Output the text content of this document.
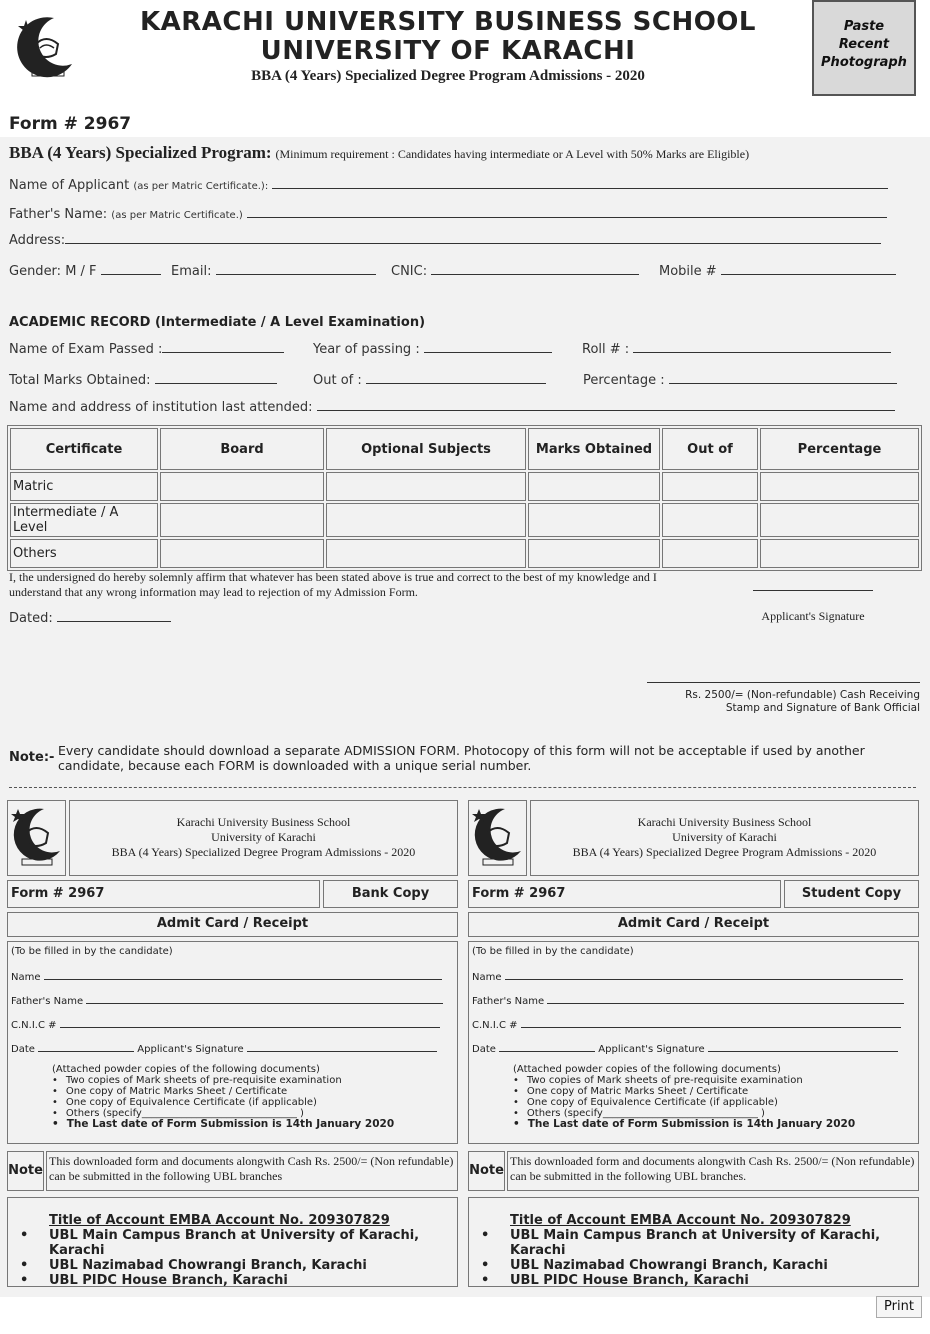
KARACHI UNIVERSITY BUSINESS SCHOOL
UNIVERSITY OF KARACHI
BBA (4 Years) Specialized Degree Program Admissions - 2020
Paste
Recent
Photograph
Form # 2967
BBA (4 Years) Specialized Program: (Minimum requirement : Candidates having intermediate or A Level with 50% Marks are Eligible)
Name of Applicant (as per Matric Certificate.):
Father's Name: (as per Matric Certificate.)
Address:
Gender: M / F	Email:	CNIC:	Mobile #
ACADEMIC RECORD (Intermediate / A Level Examination)
Name of Exam Passed :	Year of passing :	Roll # :
Total Marks Obtained:	Out of :	Percentage :
Name and address of institution last attended:
Certificate	Board	Optional Subjects	Marks Obtained	Out of	Percentage
Matric					
Intermediate / A Level					
Others					
I, the undersigned do hereby solemnly affirm that whatever has been stated above is true and correct to the best of my knowledge and I understand that any wrong information may lead to rejection of my Admission Form.
Applicant's Signature
Dated:
Rs. 2500/= (Non-refundable) Cash Receiving
Stamp and Signature of Bank Official
Note:- Every candidate should download a separate ADMISSION FORM. Photocopy of this form will not be acceptable if used by another candidate, because each FORM is downloaded with a unique serial number.
Karachi University Business School
University of Karachi
BBA (4 Years) Specialized Degree Program Admissions - 2020
Form # 2967	Bank Copy
Admit Card / Receipt
(To be filled in by the candidate)
Name
Father's Name
C.N.I.C #
Date	Applicant's Signature
(Attached powder copies of the following documents)
• Two copies of Mark sheets of pre-requisite examination
• One copy of Matric Marks Sheet / Certificate
• One copy of Equivalence Certificate (if applicable)
• Others (specify_______________________________ )
• The Last date of Form Submission is 14th January 2020
Note
This downloaded form and documents alongwith Cash Rs. 2500/= (Non refundable) can be submitted in the following UBL branches
Title of Account EMBA Account No. 209307829
• UBL Main Campus Branch at University of Karachi, Karachi
• UBL Nazimabad Chowrangi Branch, Karachi
• UBL PIDC House Branch, Karachi
Karachi University Business School
University of Karachi
BBA (4 Years) Specialized Degree Program Admissions - 2020
Form # 2967	Student Copy
Admit Card / Receipt
(To be filled in by the candidate)
Name
Father's Name
C.N.I.C #
Date	Applicant's Signature
(Attached powder copies of the following documents)
• Two copies of Mark sheets of pre-requisite examination
• One copy of Matric Marks Sheet / Certificate
• One copy of Equivalence Certificate (if applicable)
• Others (specify_______________________________ )
• The Last date of Form Submission is 14th January 2020
Note
This downloaded form and documents alongwith Cash Rs. 2500/= (Non refundable) can be submitted in the following UBL branches.
Title of Account EMBA Account No. 209307829
• UBL Main Campus Branch at University of Karachi, Karachi
• UBL Nazimabad Chowrangi Branch, Karachi
• UBL PIDC House Branch, Karachi
Print
